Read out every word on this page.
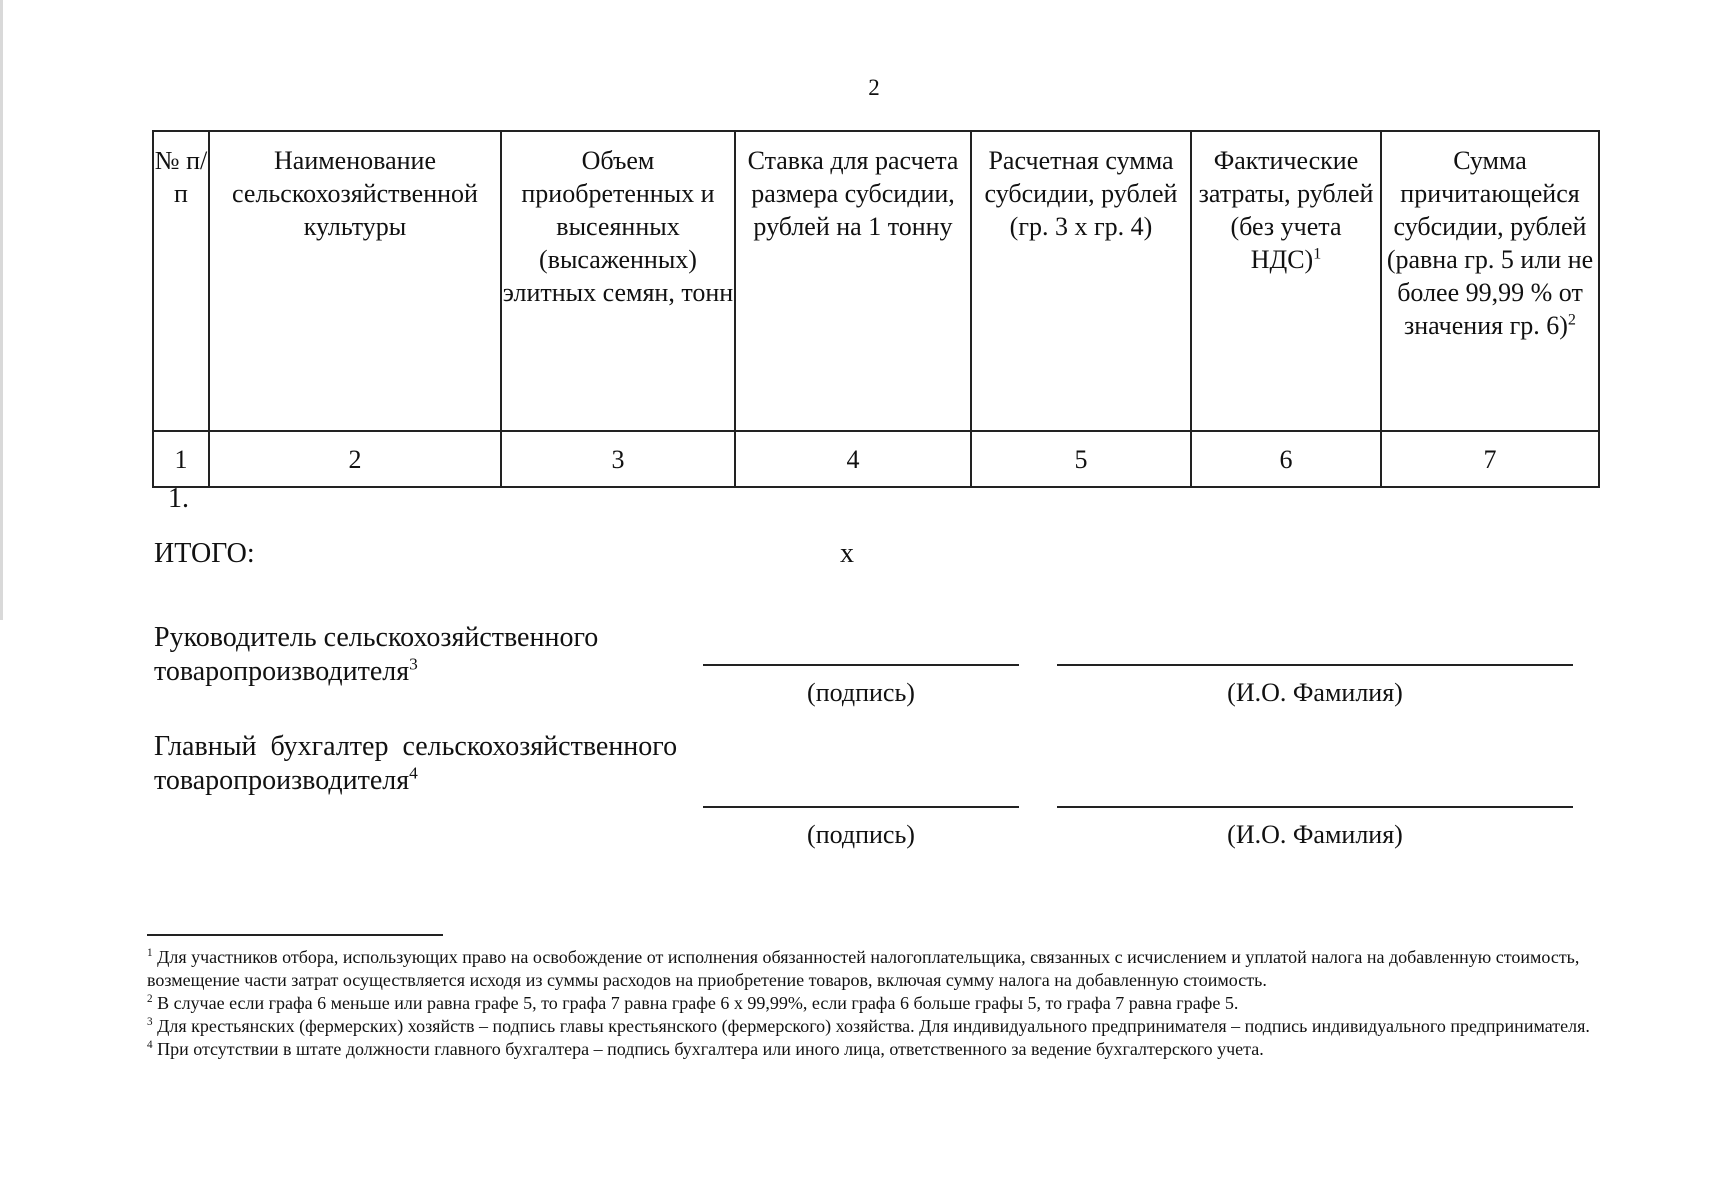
2
№ п/п	Наименование сельскохозяйственной культуры	Объем приобретенных и высеянных (высаженных) элитных семян, тонн	Ставка для расчета размера субсидии, рублей на 1 тонну	Расчетная сумма субсидии, рублей (гр. 3 х гр. 4)	Фактические затраты, рублей (без учета НДС)$^1$	Сумма причитающейся субсидии, рублей (равна гр. 5 или не более 99,99 % от значения гр. 6)$^2$
1	2	3	4	5	6	7
1.
ИТОГО:	х
Руководитель сельскохозяйственного
товаропроизводителя$^3$
(подпись)	(И.О. Фамилия)
Главный  бухгалтер  сельскохозяйственного
товаропроизводителя$^4$
(подпись)	(И.О. Фамилия)

$^1$ Для участников отбора, использующих право на освобождение от исполнения обязанностей налогоплательщика, связанных с исчислением и уплатой налога на добавленную стоимость, возмещение части затрат осуществляется исходя из суммы расходов на приобретение товаров, включая сумму налога на добавленную стоимость.

$^2$ В случае если графа 6 меньше или равна графе 5, то графа 7 равна графе 6 х 99,99%, если графа 6 больше графы 5, то графа 7 равна графе 5.

$^3$ Для крестьянских (фермерских) хозяйств – подпись главы крестьянского (фермерского) хозяйства. Для индивидуального предпринимателя – подпись индивидуального предпринимателя.

$^4$ При отсутствии в штате должности главного бухгалтера – подпись бухгалтера или иного лица, ответственного за ведение бухгалтерского учета.
